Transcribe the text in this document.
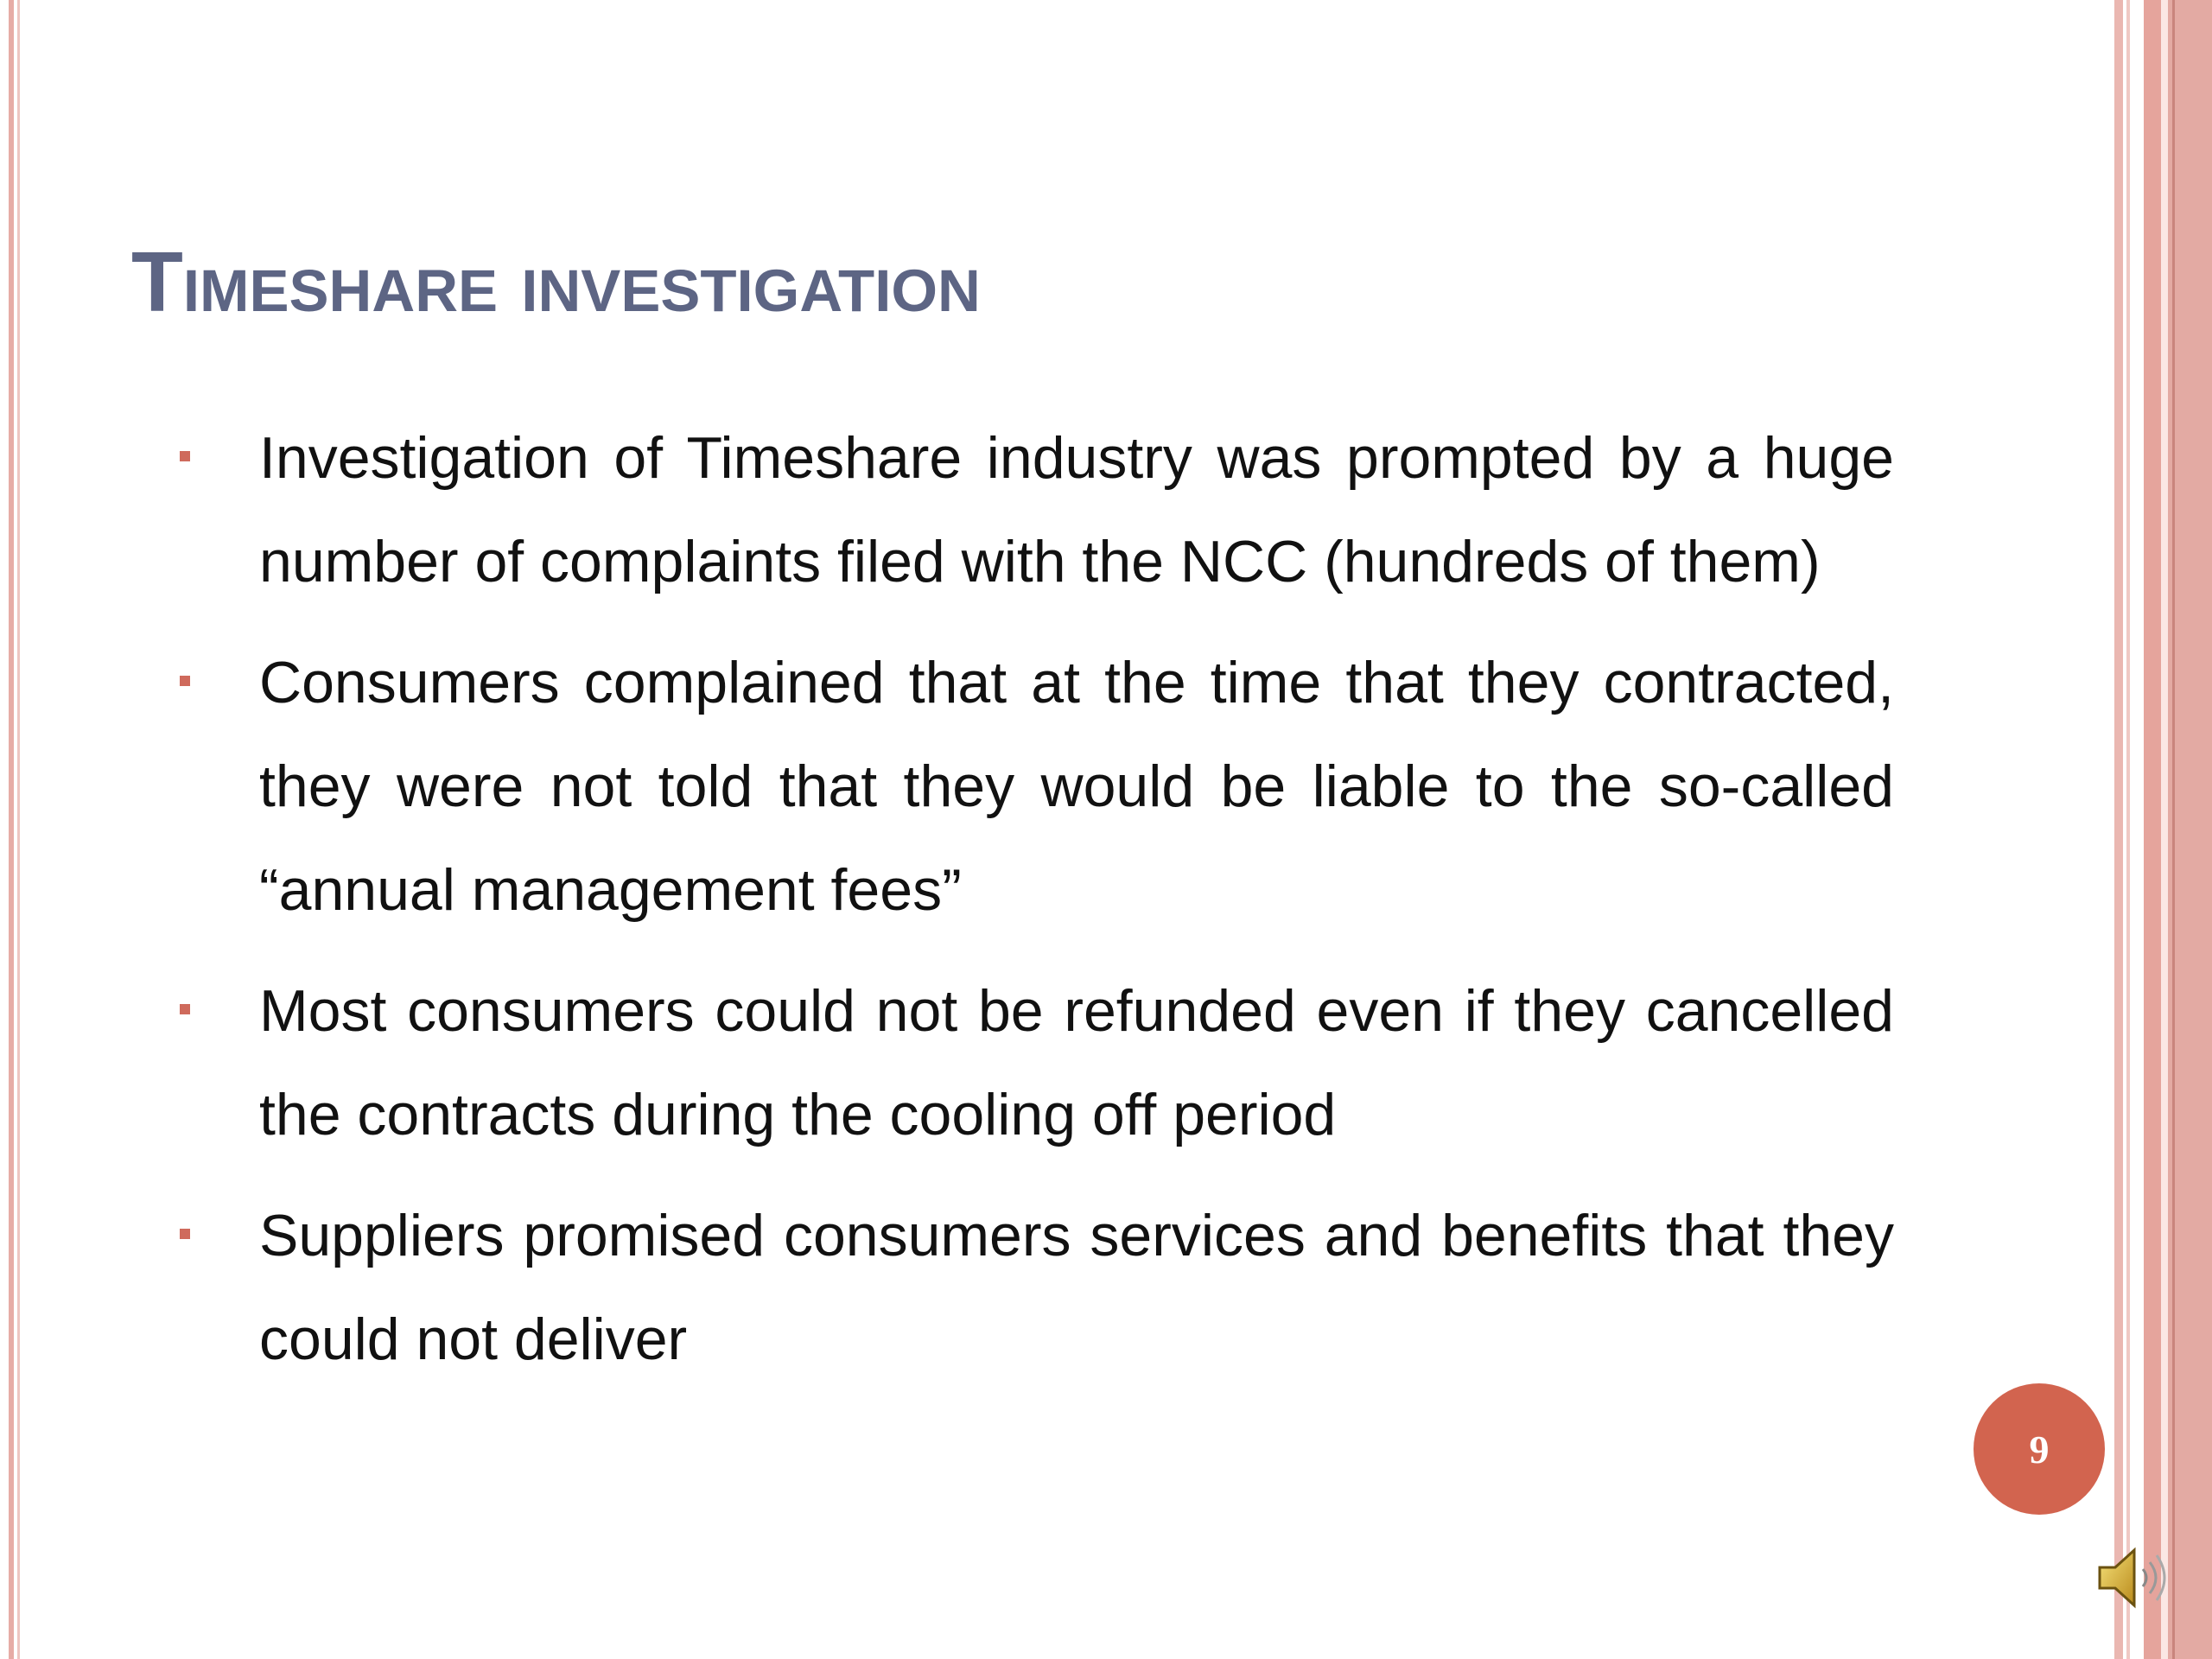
Timeshare investigation
Investigation of Timeshare industry was prompted by a huge number of complaints filed with the NCC (hundreds of them)
Consumers complained that at the time that they contracted, they were not told that they would be liable to the so-called “annual management fees”
Most consumers could not be refunded even if they cancelled the contracts during the cooling off period
Suppliers promised consumers services and benefits that they could not deliver
9
